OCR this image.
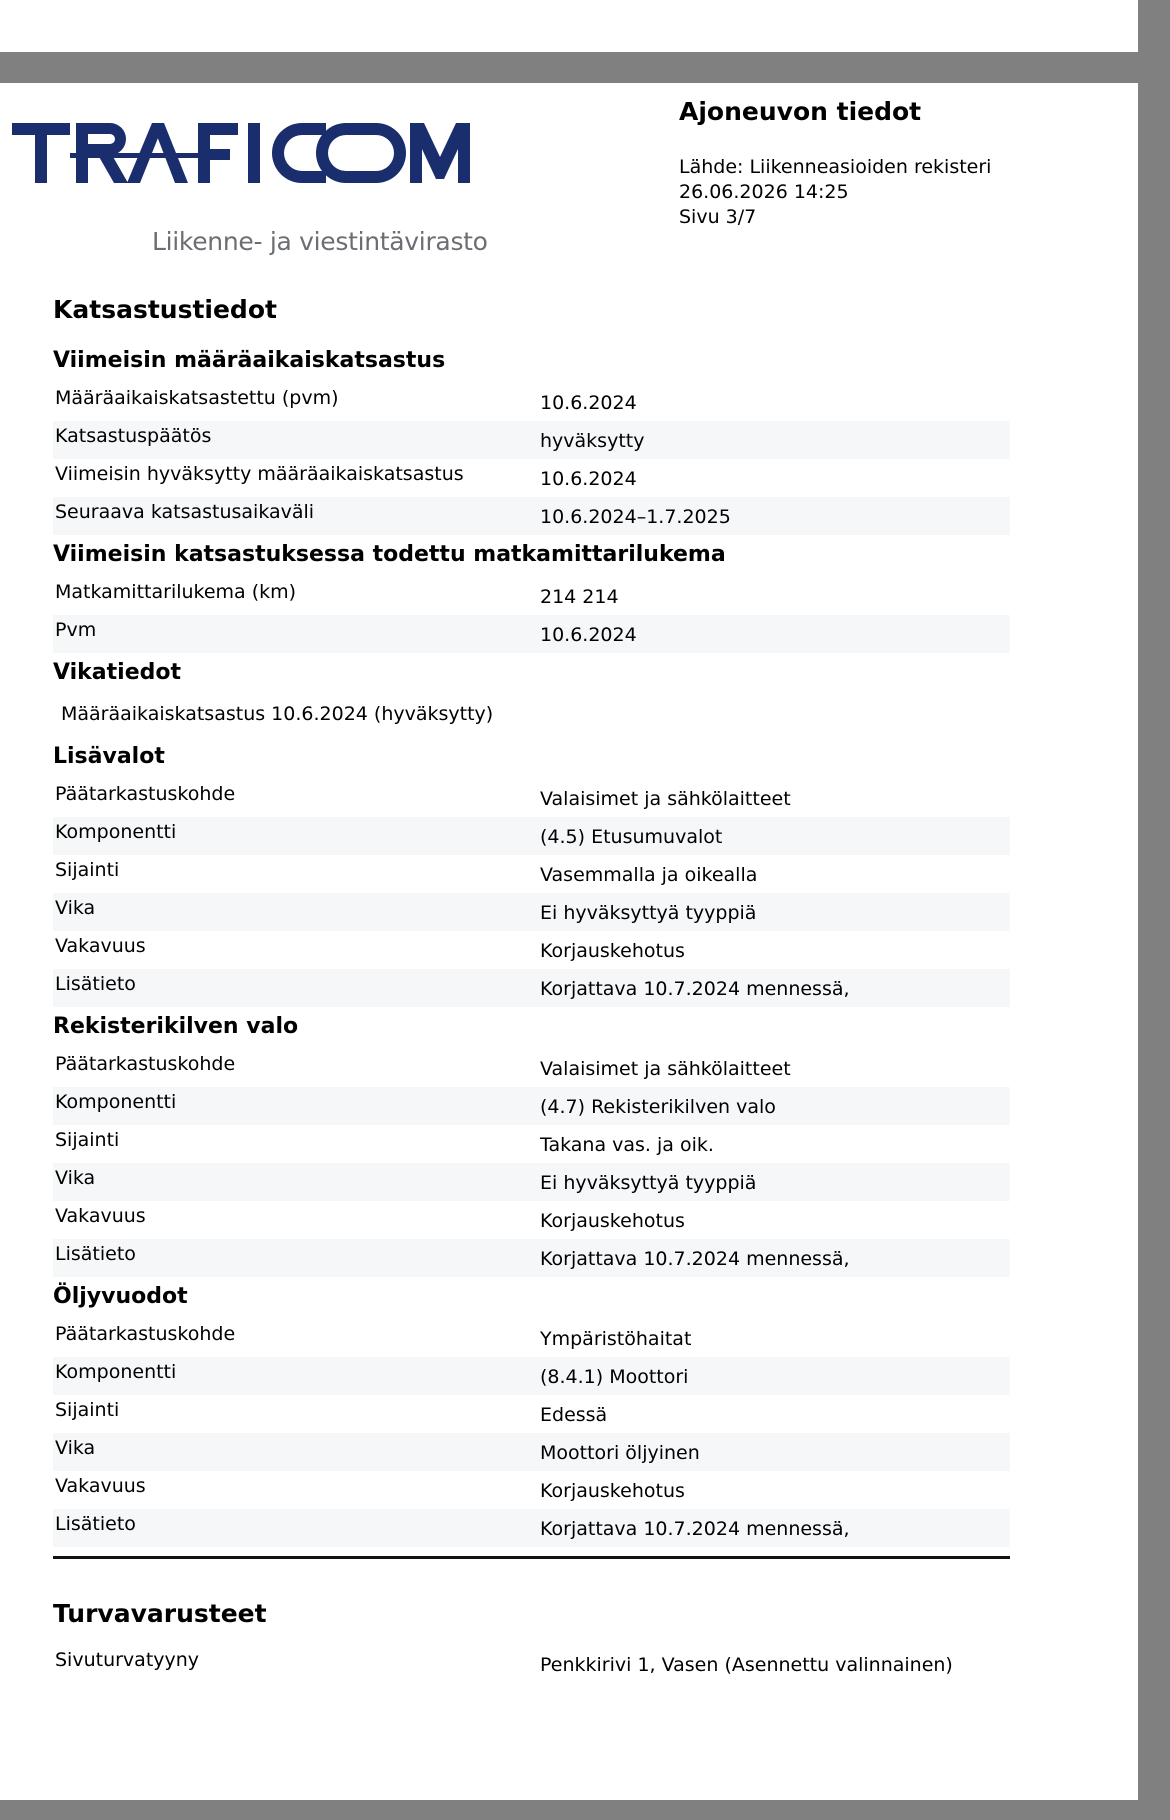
Liikenne- ja viestintävirasto
Ajoneuvon tiedot
Lähde: Liikenneasioiden rekisteri
26.06.2026 14:25
Sivu 3/7
Katsastustiedot
Viimeisin määräaikaiskatsastus
Määräaikaiskatsastettu (pvm)	10.6.2024
Katsastuspäätös	hyväksytty
Viimeisin hyväksytty määräaikaiskatsastus	10.6.2024
Seuraava katsastusaikaväli	10.6.2024–1.7.2025
Viimeisin katsastuksessa todettu matkamittarilukema
Matkamittarilukema (km)	214 214
Pvm	10.6.2024
Vikatiedot
Määräaikaiskatsastus 10.6.2024 (hyväksytty)
Lisävalot
Päätarkastuskohde	Valaisimet ja sähkölaitteet
Komponentti	(4.5) Etusumuvalot
Sijainti	Vasemmalla ja oikealla
Vika	Ei hyväksyttyä tyyppiä
Vakavuus	Korjauskehotus
Lisätieto	Korjattava 10.7.2024 mennessä,
Rekisterikilven valo
Päätarkastuskohde	Valaisimet ja sähkölaitteet
Komponentti	(4.7) Rekisterikilven valo
Sijainti	Takana vas. ja oik.
Vika	Ei hyväksyttyä tyyppiä
Vakavuus	Korjauskehotus
Lisätieto	Korjattava 10.7.2024 mennessä,
Öljyvuodot
Päätarkastuskohde	Ympäristöhaitat
Komponentti	(8.4.1) Moottori
Sijainti	Edessä
Vika	Moottori öljyinen
Vakavuus	Korjauskehotus
Lisätieto	Korjattava 10.7.2024 mennessä,
Turvavarusteet
Sivuturvatyyny	Penkkirivi 1, Vasen (Asennettu valinnainen)
